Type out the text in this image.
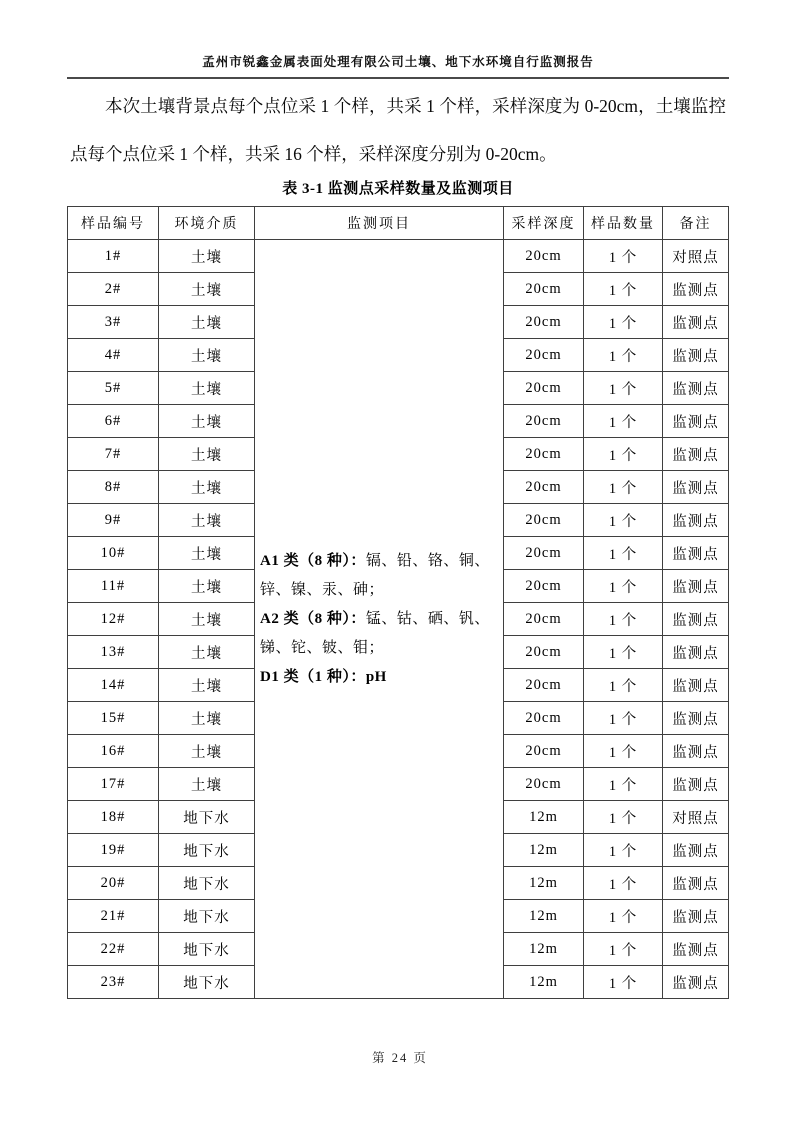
孟州市锐鑫金属表面处理有限公司土壤、地下水环境自行监测报告

本次土壤背景点每个点位采 1 个样，共采 1 个样，采样深度为 0-20cm，土壤监控点每个点位采 1 个样，共采 16 个样，采样深度分别为 0-20cm。

表 3-1 监测点采样数量及监测项目
样品编号	环境介质	监测项目	采样深度	样品数量	备注
1#	土壤	A1 类（8 种）：镉、铅、铬、铜、锌、镍、汞、砷；
A2 类（8 种）：锰、钴、硒、钒、锑、铊、铍、钼；
D1 类（1 种）：pH	20cm	1 个	对照点
2#	土壤		20cm	1 个	监测点
3#	土壤		20cm	1 个	监测点
4#	土壤		20cm	1 个	监测点
5#	土壤		20cm	1 个	监测点
6#	土壤		20cm	1 个	监测点
7#	土壤		20cm	1 个	监测点
8#	土壤		20cm	1 个	监测点
9#	土壤		20cm	1 个	监测点
10#	土壤		20cm	1 个	监测点
11#	土壤		20cm	1 个	监测点
12#	土壤		20cm	1 个	监测点
13#	土壤		20cm	1 个	监测点
14#	土壤		20cm	1 个	监测点
15#	土壤		20cm	1 个	监测点
16#	土壤		20cm	1 个	监测点
17#	土壤		20cm	1 个	监测点
18#	地下水		12m	1 个	对照点
19#	地下水		12m	1 个	监测点
20#	地下水		12m	1 个	监测点
21#	地下水		12m	1 个	监测点
22#	地下水		12m	1 个	监测点
23#	地下水		12m	1 个	监测点
第 24 页
